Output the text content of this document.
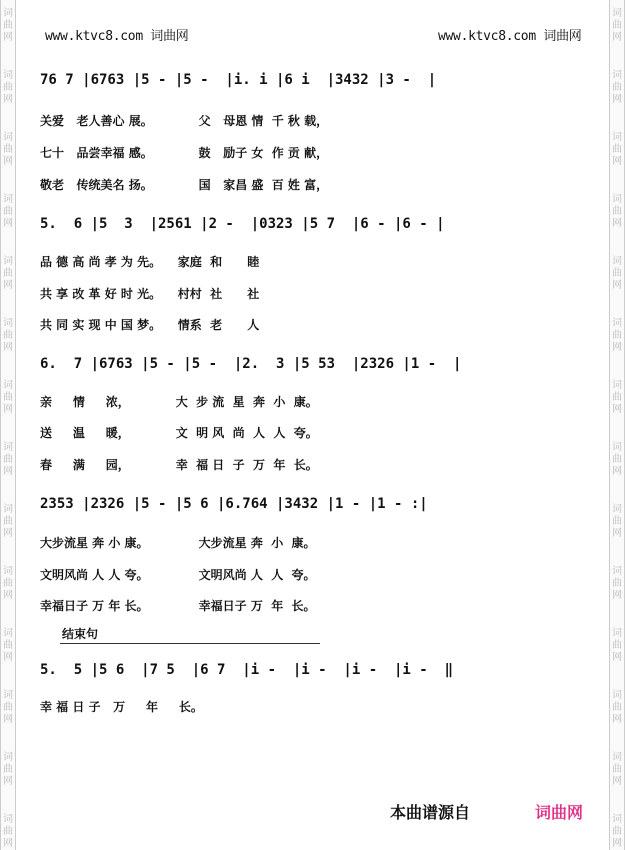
词
曲
网
词
曲
网
词
曲
网
词
曲
网
词
曲
网
词
曲
网
词
曲
网
词
曲
网
词
曲
网
词
曲
网
词
曲
网
词
曲
网
词
曲
网
词
曲
网
词
曲
网
词
曲
网
词
曲
网
词
曲
网
词
曲
网
词
曲
网
词
曲
网
词
曲
网
词
曲
网
词
曲
网
词
曲
网
词
曲
网
词
曲
网
词
曲
网
www.ktvc8.com 词曲网	www.ktvc8.com 词曲网
76 7 |6763 |5 - |5 -  |i. i |6 i  |3432 |3 -  |
关爱   老人善心 展。           父   母恩 情  千 秋 载，
七十   品尝幸福 感。           鼓   励子 女  作 贡 献，
敬老   传统美名 扬。           国   家昌 盛  百 姓 富，
5.  6 |5  3  |2561 |2 -  |0323 |5 7  |6 - |6 - |
品 德 高 尚 孝 为 先。    家庭  和      睦
共 享 改 革 好 时 光。    村村  社      社
共 同 实 现 中 国 梦。    情系  老      人
6.  7 |6763 |5 - |5 -  |2.  3 |5 53  |2326 |1 -  |
亲     情     浓，           大  步 流  星  奔  小  康。
送     温     暖，           文  明 风  尚  人  人  夸。
春     满     园，           幸  福 日  子  万  年  长。
2353 |2326 |5 - |5 6 |6.764 |3432 |1 - |1 - :|
大步流星 奔 小 康。            大步流星 奔  小  康。
文明风尚 人 人 夸。            文明风尚 人  人  夸。
幸福日子 万 年 长。            幸福日子 万  年  长。
结束句
5.  5 |5 6  |7 5  |6 7  |i -  |i -  |i -  |i -  ‖
幸 福 日 子   万     年     长。
本曲谱源自	词曲网
